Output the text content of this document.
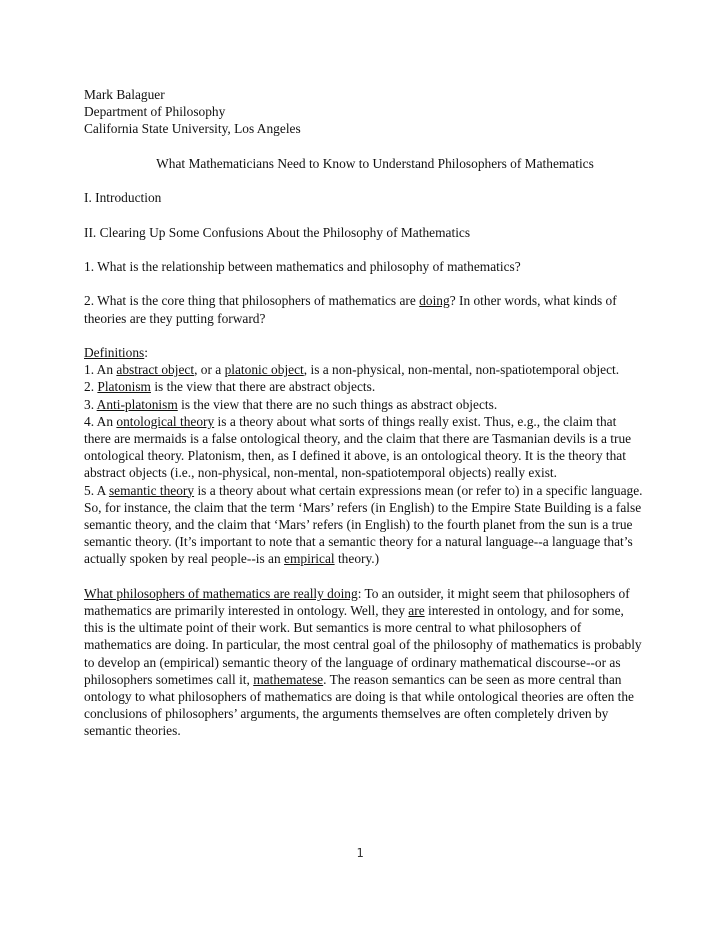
Mark Balaguer

Department of Philosophy

California State University, Los Angeles

What Mathematicians Need to Know to Understand Philosophers of Mathematics

I. Introduction

II. Clearing Up Some Confusions About the Philosophy of Mathematics

1. What is the relationship between mathematics and philosophy of mathematics?

2. What is the core thing that philosophers of mathematics are doing? In other words, what kinds of theories are they putting forward?

Definitions:

1. An abstract object, or a platonic object, is a non-physical, non-mental, non-spatiotemporal object.

2. Platonism is the view that there are abstract objects.

3. Anti-platonism is the view that there are no such things as abstract objects.

4. An ontological theory is a theory about what sorts of things really exist. Thus, e.g., the claim that there are mermaids is a false ontological theory, and the claim that there are Tasmanian devils is a true ontological theory. Platonism, then, as I defined it above, is an ontological theory. It is the theory that abstract objects (i.e., non-physical, non-mental, non-spatiotemporal objects) really exist.

5. A semantic theory is a theory about what certain expressions mean (or refer to) in a specific language. So, for instance, the claim that the term ‘Mars’ refers (in English) to the Empire State Building is a false semantic theory, and the claim that ‘Mars’ refers (in English) to the fourth planet from the sun is a true semantic theory. (It’s important to note that a semantic theory for a natural language--a language that’s actually spoken by real people--is an empirical theory.)

What philosophers of mathematics are really doing: To an outsider, it might seem that philosophers of mathematics are primarily interested in ontology. Well, they are interested in ontology, and for some, this is the ultimate point of their work. But semantics is more central to what philosophers of mathematics are doing. In particular, the most central goal of the philosophy of mathematics is probably to develop an (empirical) semantic theory of the language of ordinary mathematical discourse--or as philosophers sometimes call it, mathematese. The reason semantics can be seen as more central than ontology to what philosophers of mathematics are doing is that while ontological theories are often the conclusions of philosophers’ arguments, the arguments themselves are often completely driven by semantic theories.

1
